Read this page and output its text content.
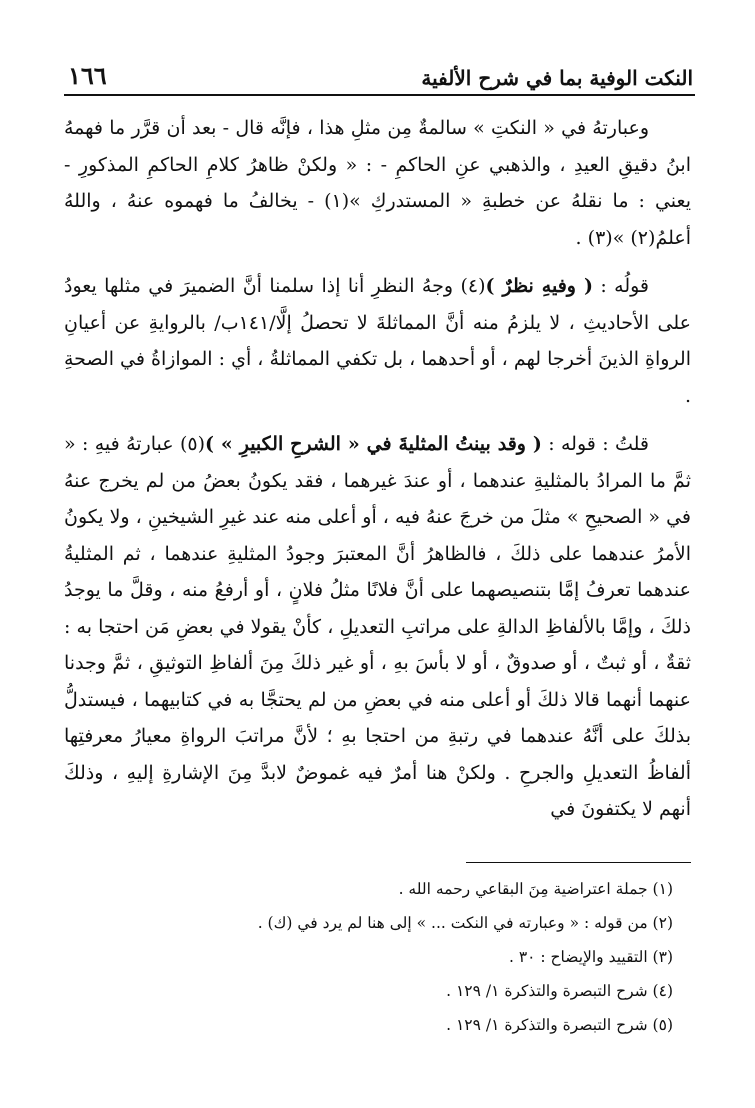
النكت الوفية بما في شرح الألفية
١٦٦

وعبارتهُ في « النكتِ » سالمةٌ مِن مثلِ هذا ، فإنَّه قال - بعد أن قرَّر ما فهمهُ ابنُ دقيقِ العيدِ ، والذهبي عنِ الحاكمِ - : « ولكنْ ظاهرُ كلامِ الحاكمِ المذكورِ - يعني : ما نقلهُ عن خطبةِ « المستدركِ »(١) - يخالفُ ما فهموه عنهُ ، واللهُ أعلمُ(٢) »(٣) .

قولُه : ( وفيهِ نظرٌ )(٤) وجهُ النظرِ أنا إذا سلمنا أنَّ الضميرَ في مثلها يعودُ على الأحاديثِ ، لا يلزمُ منه أنَّ المماثلةَ لا تحصلُ إلَّا/١٤١ب/ بالروايةِ عن أعيانِ الرواةِ الذينَ أخرجا لهم ، أو أحدهما ، بل تكفي المماثلةُ ، أي : الموازاةُ في الصحةِ .

قلتُ : قوله : ( وقد بينتُ المثليةَ في « الشرحِ الكبيرِ » )(٥) عبارتهُ فيهِ : « ثمَّ ما المرادُ بالمثليةِ عندهما ، أو عندَ غيرهما ، فقد يكونُ بعضُ من لم يخرج عنهُ في « الصحيحِ » مثلَ من خرجَ عنهُ فيه ، أو أعلى منه عند غيرِ الشيخينِ ، ولا يكونُ الأمرُ عندهما على ذلكَ ، فالظاهرُ أنَّ المعتبرَ وجودُ المثليةِ عندهما ، ثم المثليةُ عندهما تعرفُ إمَّا بتنصيصهما على أنَّ فلانًا مثلُ فلانٍ ، أو أرفعُ منه ، وقلَّ ما يوجدُ ذلكَ ، وإمَّا بالألفاظِ الدالةِ على مراتبِ التعديلِ ، كأنْ يقولا في بعضِ مَن احتجا به : ثقةٌ ، أو ثبتٌ ، أو صدوقٌ ، أو لا بأسَ بهِ ، أو غير ذلكَ مِنَ ألفاظِ التوثيقِ ، ثمَّ وجدنا عنهما أنهما قالا ذلكَ أو أعلى منه في بعضِ من لم يحتجَّا به في كتابيهما ، فيستدلُّ بذلكَ على أنَّهُ عندهما في رتبةِ من احتجا بهِ ؛ لأنَّ مراتبَ الرواةِ معيارُ معرفتِها ألفاظُ التعديلِ والجرحِ . ولكنْ هنا أمرٌ فيه غموضٌ لابدَّ مِنَ الإشارةِ إليهِ ، وذلكَ أنهم لا يكتفونَ في

(١) جملة اعتراضية مِنَ البقاعي رحمه الله .
(٢) من قوله : « وعبارته في النكت ... » إلى هنا لم يرد في (ك) .
(٣) التقييد والإيضاح : ٣٠ .
(٤) شرح التبصرة والتذكرة ١/ ١٢٩ .
(٥) شرح التبصرة والتذكرة ١/ ١٢٩ .
